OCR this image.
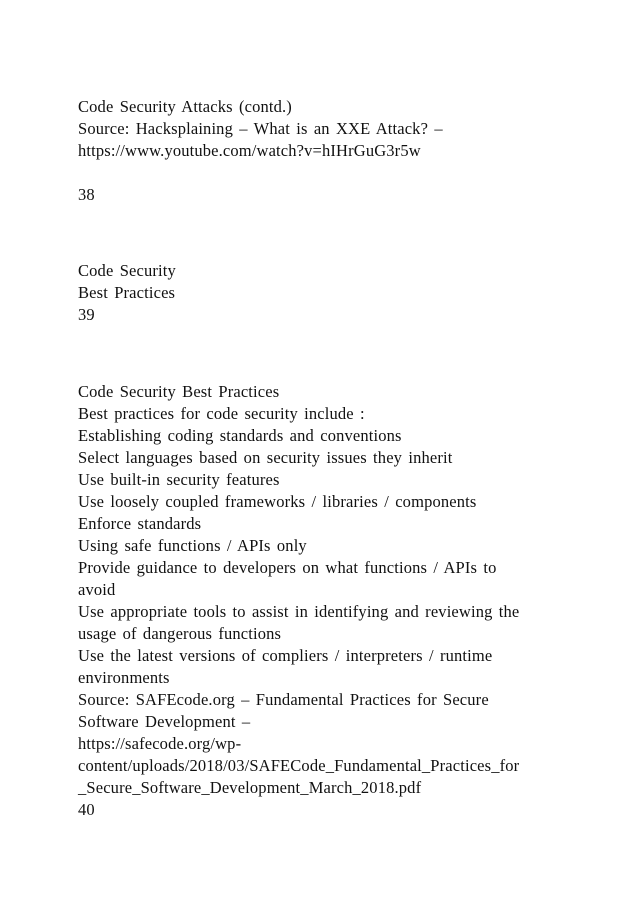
Code Security Attacks (contd.)
Source: Hacksplaining – What is an XXE Attack? –
https://www.youtube.com/watch?v=hIHrGuG3r5w
38
Code Security
Best Practices
39
Code Security Best Practices
Best practices for code security include :
Establishing coding standards and conventions
Select languages based on security issues they inherit
Use built-in security features
Use loosely coupled frameworks / libraries / components
Enforce standards
Using safe functions / APIs only
Provide guidance to developers on what functions / APIs to
avoid
Use appropriate tools to assist in identifying and reviewing the
usage of dangerous functions
Use the latest versions of compliers / interpreters / runtime
environments
Source: SAFEcode.org – Fundamental Practices for Secure
Software Development –
https://safecode.org/wp-
content/uploads/2018/03/SAFECode_Fundamental_Practices_for
_Secure_Software_Development_March_2018.pdf
40
